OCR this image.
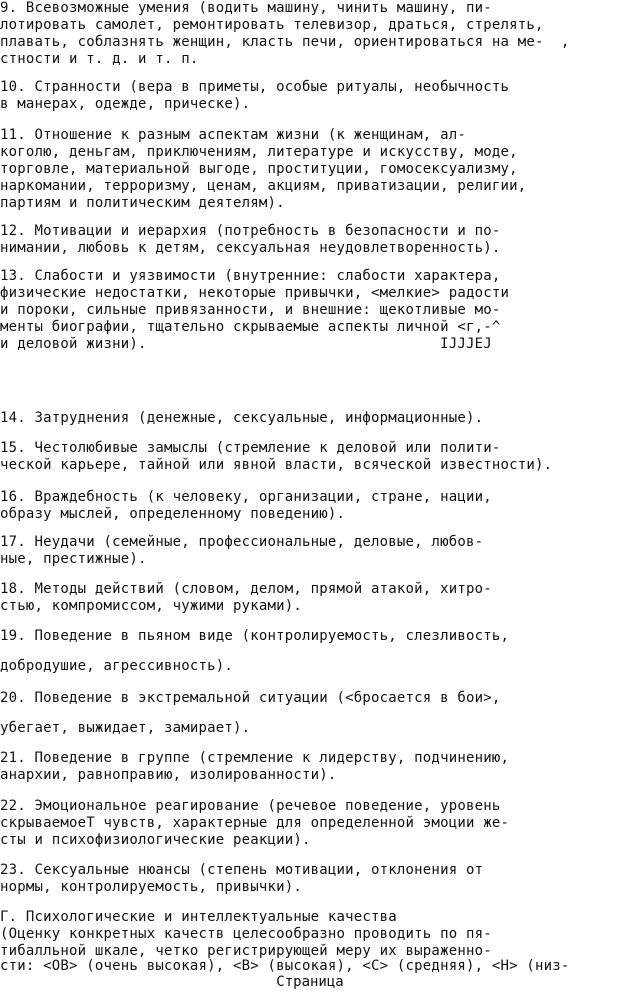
9. Всевозможные умения (водить машину, чинить машину, пи-

лотировать самолет, ремонтировать телевизор, драться, стрелять,

плавать, соблазнять женщин, класть печи, ориентироваться на ме-  ,

стности и т. д. и т. п.

10. Странности (вера в приметы, особые ритуалы, необычность

в манерах, одежде, прическе).

11. Отношение к разным аспектам жизни (к женщинам, ал-

коголю, деньгам, приключениям, литературе и искусству, моде,

торговле, материальной выгоде, проституции, гомосексуализму,

наркомании, терроризму, ценам, акциям, приватизации, религии,

партиям и политическим деятелям).

12. Мотивации и иерархия (потребность в безопасности и по-

нимании, любовь к детям, сексуальная неудовлетворенность).

13. Слабости и уязвимости (внутренние: слабости характера,

физические недостатки, некоторые привычки, <мелкие> радости

и пороки, сильные привязанности, и внешние: щекотливые мо-

менты биографии, тщательно скрываемые аспекты личной <г,-^

и деловой жизни).                                  IJJJEJ

14. Затруднения (денежные, сексуальные, информационные).

15. Честолюбивые замыслы (стремление к деловой или полити-

ческой карьере, тайной или явной власти, всяческой известности).

16. Враждебность (к человеку, организации, стране, нации,

образу мыслей, определенному поведению).

17. Неудачи (семейные, профессиональные, деловые, любов-

ные, престижные).

18. Методы действий (словом, делом, прямой атакой, хитро-

стью, компромиссом, чужими руками).

19. Поведение в пьяном виде (контролируемость, слезливость,

добродушие, агрессивность).

20. Поведение в экстремальной ситуации (<бросается в бои>,

убегает, выжидает, замирает).

21. Поведение в группе (стремление к лидерству, подчинению,

анархии, равноправию, изолированности).

22. Эмоциональное реагирование (речевое поведение, уровень

скрываемоеТ чувств, характерные для определенной эмоции же-

сты и психофизиологические реакции).

23. Сексуальные нюансы (степень мотивации, отклонения от

нормы, контролируемость, привычки).

Г. Психологические и интеллектуальные качества

(Оценку конкретных качеств целесообразно проводить по пя-

тибалльной шкале, четко регистрирующей меру их выраженно-

сти: <ОВ> (очень высокая), <В> (высокая), <С> (средняя), <Н> (низ-

Страница
